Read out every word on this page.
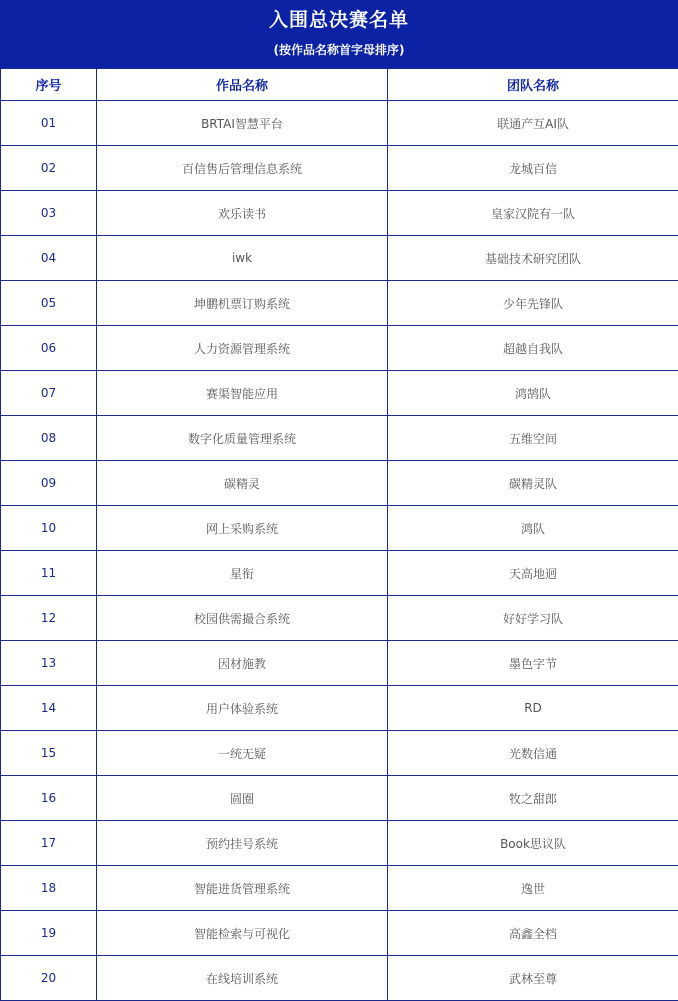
入围总决赛名单
(按作品名称首字母排序)
序号	作品名称	团队名称
01	BRTAI智慧平台	联通产互AI队
02	百信售后管理信息系统	龙城百信
03	欢乐读书	皇家汉院有一队
04	iwk	基础技术研究团队
05	坤鹏机票订购系统	少年先锋队
06	人力资源管理系统	超越自我队
07	赛渠智能应用	鸿鹄队
08	数字化质量管理系统	五维空间
09	碳精灵	碳精灵队
10	网上采购系统	鸿队
11	星衔	天高地迥
12	校园供需撮合系统	好好学习队
13	因材施教	墨色字节
14	用户体验系统	RD
15	一统无疑	光数信通
16	圆圈	牧之甜郎
17	预约挂号系统	Book思议队
18	智能进货管理系统	逸世
19	智能检索与可视化	高鑫全档
20	在线培训系统	武林至尊
